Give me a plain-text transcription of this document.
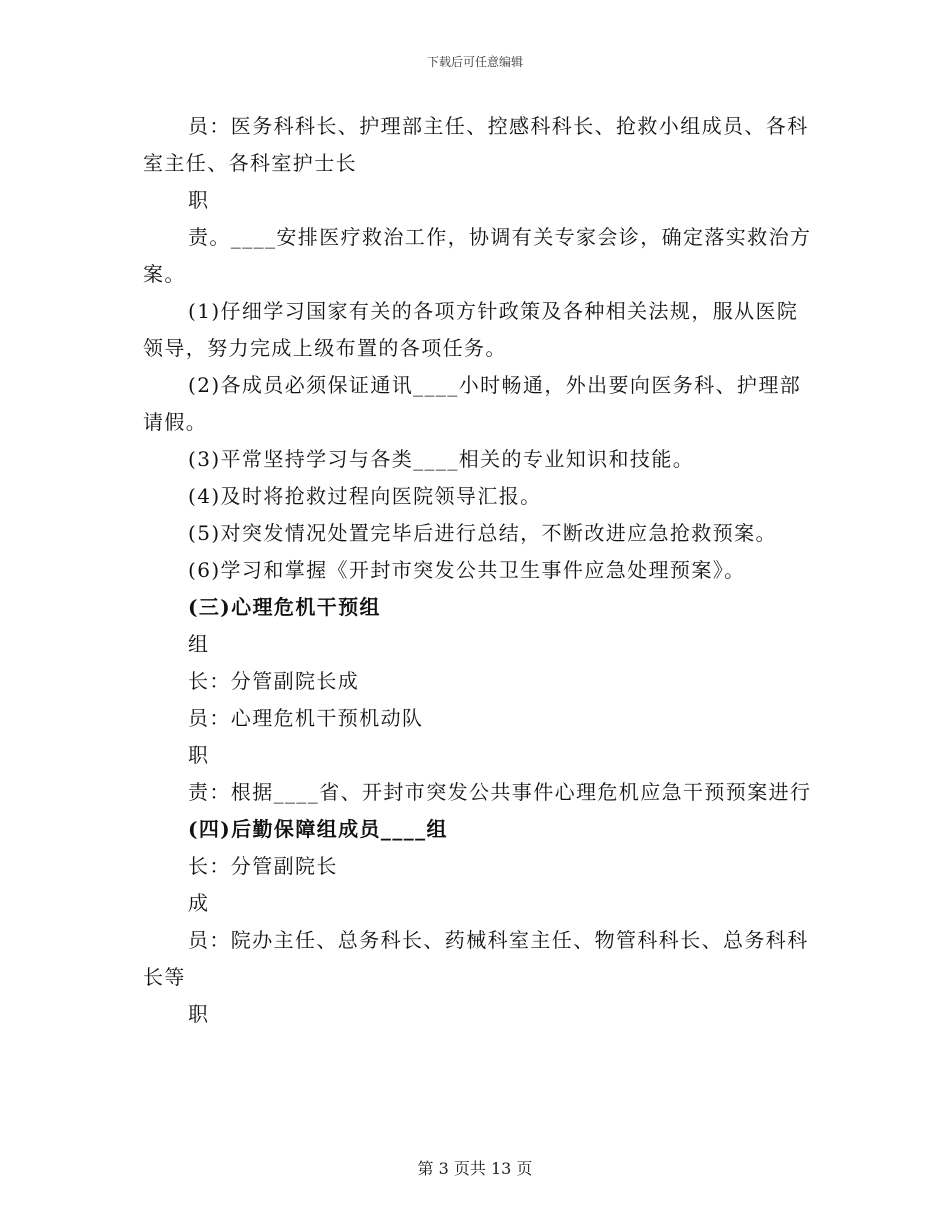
下载后可任意编辑

员：医务科科长、护理部主任、控感科科长、抢救小组成员、各科室主任、各科室护士长

职

责。____安排医疗救治工作，协调有关专家会诊，确定落实救治方案。

(1)仔细学习国家有关的各项方针政策及各种相关法规，服从医院领导，努力完成上级布置的各项任务。

(2)各成员必须保证通讯____小时畅通，外出要向医务科、护理部请假。

(3)平常坚持学习与各类____相关的专业知识和技能。

(4)及时将抢救过程向医院领导汇报。

(5)对突发情况处置完毕后进行总结，不断改进应急抢救预案。

(6)学习和掌握《开封市突发公共卫生事件应急处理预案》。

(三)心理危机干预组

组

长：分管副院长成

员：心理危机干预机动队

职

责：根据____省、开封市突发公共事件心理危机应急干预预案进行

(四)后勤保障组成员____组

长：分管副院长

成

员：院办主任、总务科长、药械科室主任、物管科科长、总务科科长等

职

第 3 页共 13 页
